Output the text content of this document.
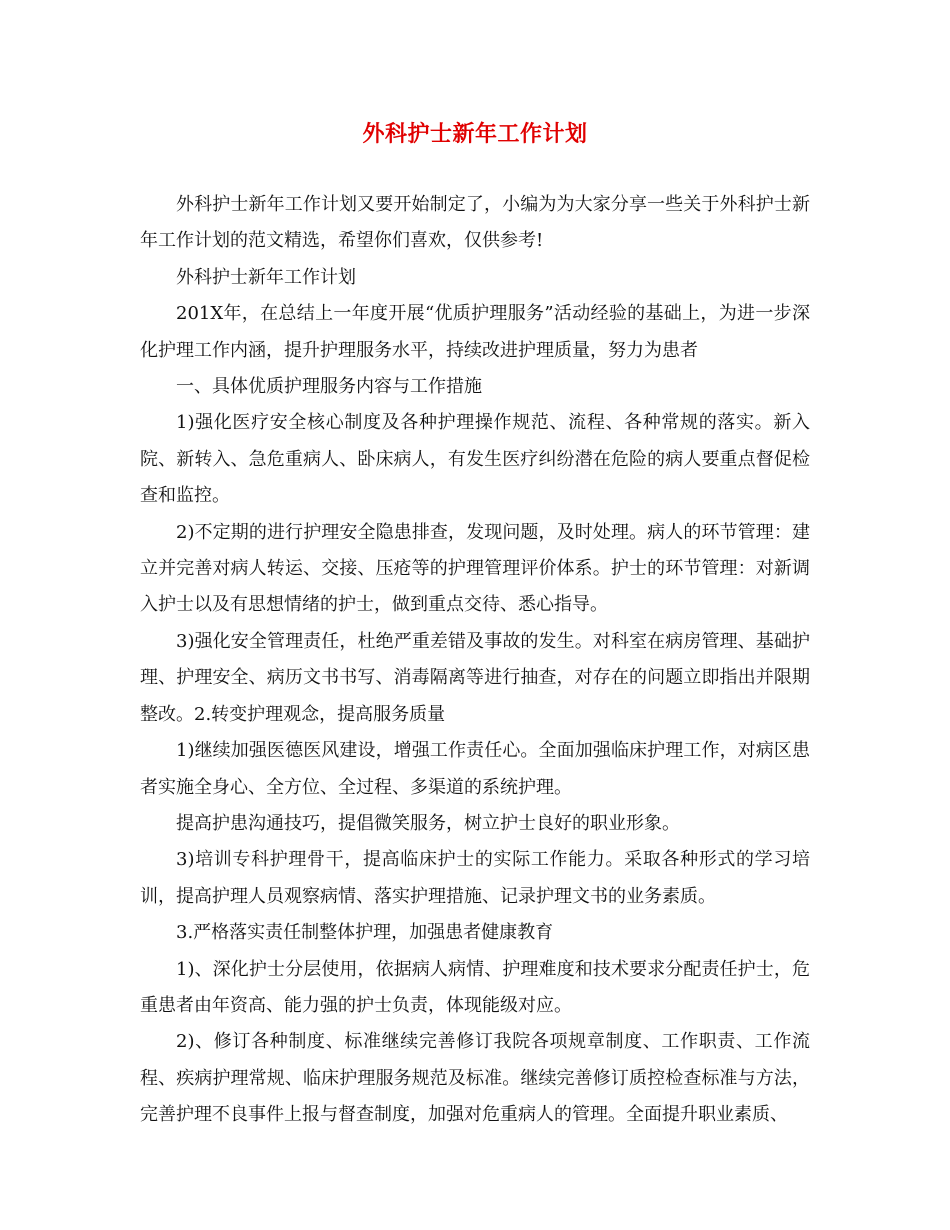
外科护士新年工作计划

外科护士新年工作计划又要开始制定了，小编为为大家分享一些关于外科护士新年工作计划的范文精选，希望你们喜欢，仅供参考!

外科护士新年工作计划

201X年，在总结上一年度开展“优质护理服务”活动经验的基础上，为进一步深化护理工作内涵，提升护理服务水平，持续改进护理质量，努力为患者

一、具体优质护理服务内容与工作措施

1)强化医疗安全核心制度及各种护理操作规范、流程、各种常规的落实。新入院、新转入、急危重病人、卧床病人，有发生医疗纠纷潜在危险的病人要重点督促检查和监控。

2)不定期的进行护理安全隐患排查，发现问题，及时处理。病人的环节管理：建立并完善对病人转运、交接、压疮等的护理管理评价体系。护士的环节管理：对新调入护士以及有思想情绪的护士，做到重点交待、悉心指导。

3)强化安全管理责任，杜绝严重差错及事故的发生。对科室在病房管理、基础护理、护理安全、病历文书书写、消毒隔离等进行抽查，对存在的问题立即指出并限期整改。2.转变护理观念，提高服务质量

1)继续加强医德医风建设，增强工作责任心。全面加强临床护理工作，对病区患者实施全身心、全方位、全过程、多渠道的系统护理。

提高护患沟通技巧，提倡微笑服务，树立护士良好的职业形象。

3)培训专科护理骨干，提高临床护士的实际工作能力。采取各种形式的学习培训，提高护理人员观察病情、落实护理措施、记录护理文书的业务素质。

3.严格落实责任制整体护理，加强患者健康教育

1)、深化护士分层使用，依据病人病情、护理难度和技术要求分配责任护士，危重患者由年资高、能力强的护士负责，体现能级对应。

2)、修订各种制度、标准继续完善修订我院各项规章制度、工作职责、工作流程、疾病护理常规、临床护理服务规范及标准。继续完善修订质控检查标准与方法，完善护理不良事件上报与督查制度，加强对危重病人的管理。全面提升职业素质、
